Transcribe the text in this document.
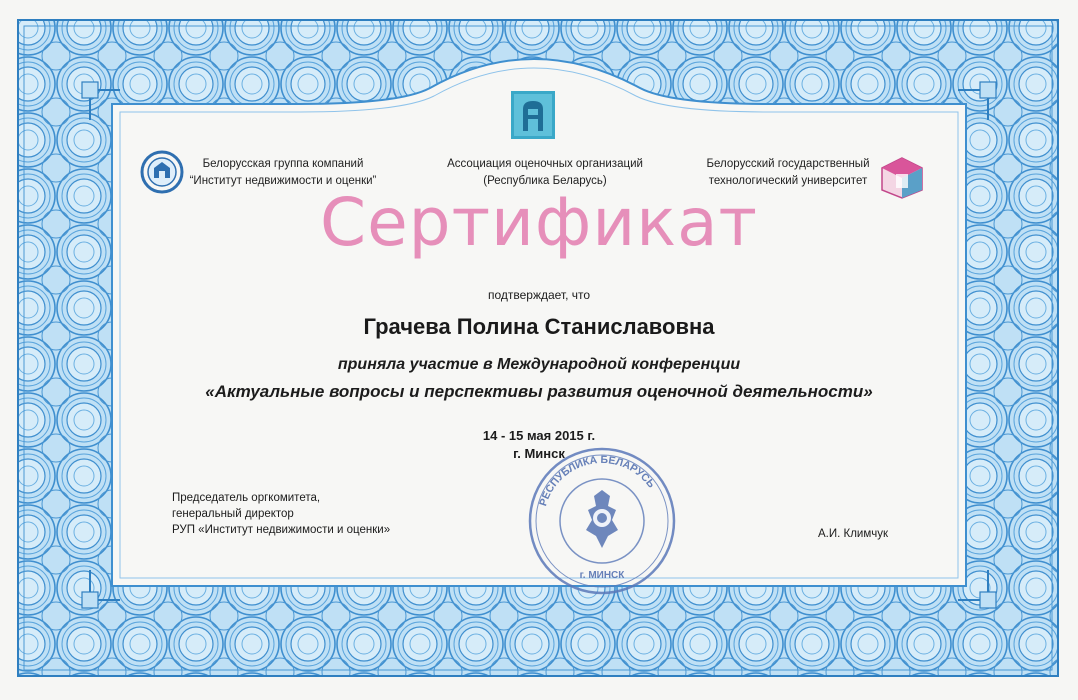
Белорусская группа компаний
“Институт недвижимости и оценки”
Ассоциация оценочных организаций
(Республика Беларусь)
Белорусский государственный
технологический университет
Сертификат
подтверждает, что
Грачева Полина Станиславовна
приняла участие в Международной конференции
«Актуальные вопросы и перспективы развития оценочной деятельности»
14 - 15 мая 2015 г.
г. Минск
Председатель оргкомитета,
генеральный директор
РУП «Институт недвижимости и оценки»	А.И. Климчук
РЕСПУБЛИКА БЕЛАРУСЬ
г. МИНСК
